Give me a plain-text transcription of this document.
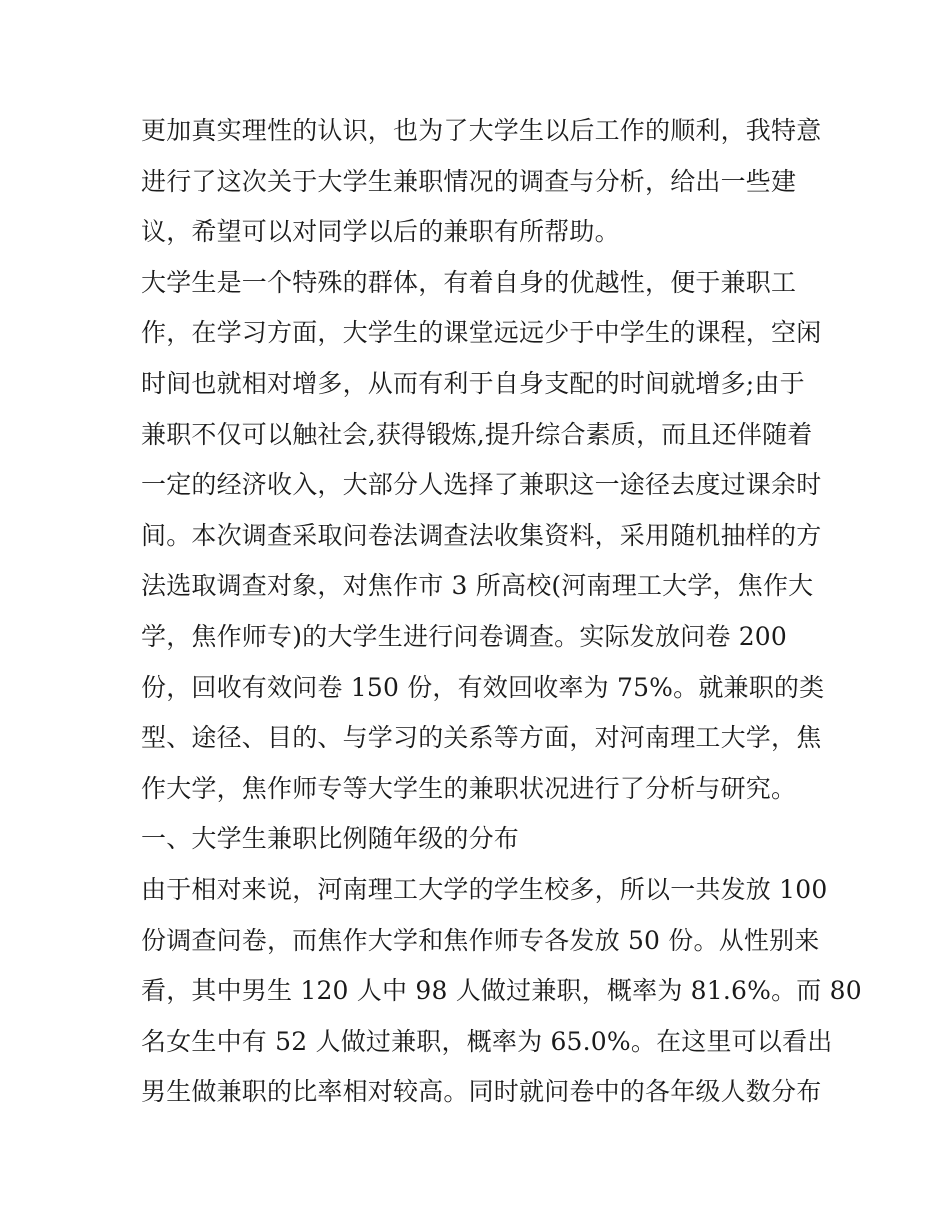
更加真实理性的认识，也为了大学生以后工作的顺利，我特意
进行了这次关于大学生兼职情况的调查与分析，给出一些建
议，希望可以对同学以后的兼职有所帮助。
大学生是一个特殊的群体，有着自身的优越性，便于兼职工
作，在学习方面，大学生的课堂远远少于中学生的课程，空闲
时间也就相对增多，从而有利于自身支配的时间就增多;由于
兼职不仅可以触社会,获得锻炼,提升综合素质，而且还伴随着
一定的经济收入，大部分人选择了兼职这一途径去度过课余时
间。本次调查采取问卷法调查法收集资料，采用随机抽样的方
法选取调查对象，对焦作市 3 所高校(河南理工大学，焦作大
学，焦作师专)的大学生进行问卷调查。实际发放问卷 200
份，回收有效问卷 150 份，有效回收率为 75%。就兼职的类
型、途径、目的、与学习的关系等方面，对河南理工大学，焦
作大学，焦作师专等大学生的兼职状况进行了分析与研究。
一、大学生兼职比例随年级的分布
由于相对来说，河南理工大学的学生校多，所以一共发放 100
份调查问卷，而焦作大学和焦作师专各发放 50 份。从性别来
看，其中男生 120 人中 98 人做过兼职，概率为 81.6%。而 80
名女生中有 52 人做过兼职，概率为 65.0%。在这里可以看出
男生做兼职的比率相对较高。同时就问卷中的各年级人数分布
